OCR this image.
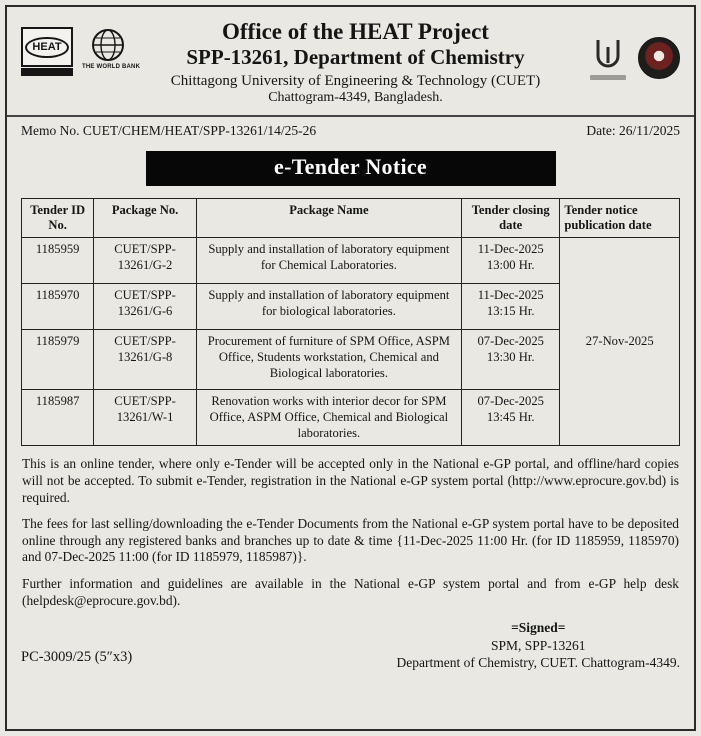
HEAT
THE WORLD BANK
Office of the HEAT Project
SPP-13261, Department of Chemistry
Chittagong University of Engineering & Technology (CUET)
Chattogram-4349, Bangladesh.
Memo No. CUET/CHEM/HEAT/SPP-13261/14/25-26	Date: 26/11/2025
e-Tender Notice
Tender ID No.	Package No.	Package Name	Tender closing date	Tender notice publication date
1185959	CUET/SPP-13261/G-2	Supply and installation of laboratory equipment for Chemical Laboratories.	11-Dec-2025
13:00 Hr.	27-Nov-2025
1185970	CUET/SPP-13261/G-6	Supply and installation of laboratory equipment for biological laboratories.	11-Dec-2025
13:15 Hr.	

1185979	CUET/SPP-13261/G-8	Procurement of furniture of SPM Office, ASPM Office, Students workstation, Chemical and Biological laboratories.	07-Dec-2025
13:30 Hr.	

1185987	CUET/SPP-13261/W-1	Renovation works with interior decor for SPM Office, ASPM Office, Chemical and Biological laboratories.	07-Dec-2025
13:45 Hr.	

This is an online tender, where only e-Tender will be accepted only in the National e-GP portal, and offline/hard copies will not be accepted. To submit e-Tender, registration in the National e-GP system portal (http://www.eprocure.gov.bd) is required.

The fees for last selling/downloading the e-Tender Documents from the National e-GP system portal have to be deposited online through any registered banks and branches up to date & time {11-Dec-2025 11:00 Hr. (for ID 1185959, 1185970) and 07-Dec-2025 11:00 (for ID 1185979, 1185987)}.

Further information and guidelines are available in the National e-GP system portal and from e-GP help desk (helpdesk@eprocure.gov.bd).

PC-3009/25 (5″x3)
=Signed=
SPM, SPP-13261
Department of Chemistry, CUET. Chattogram-4349.
